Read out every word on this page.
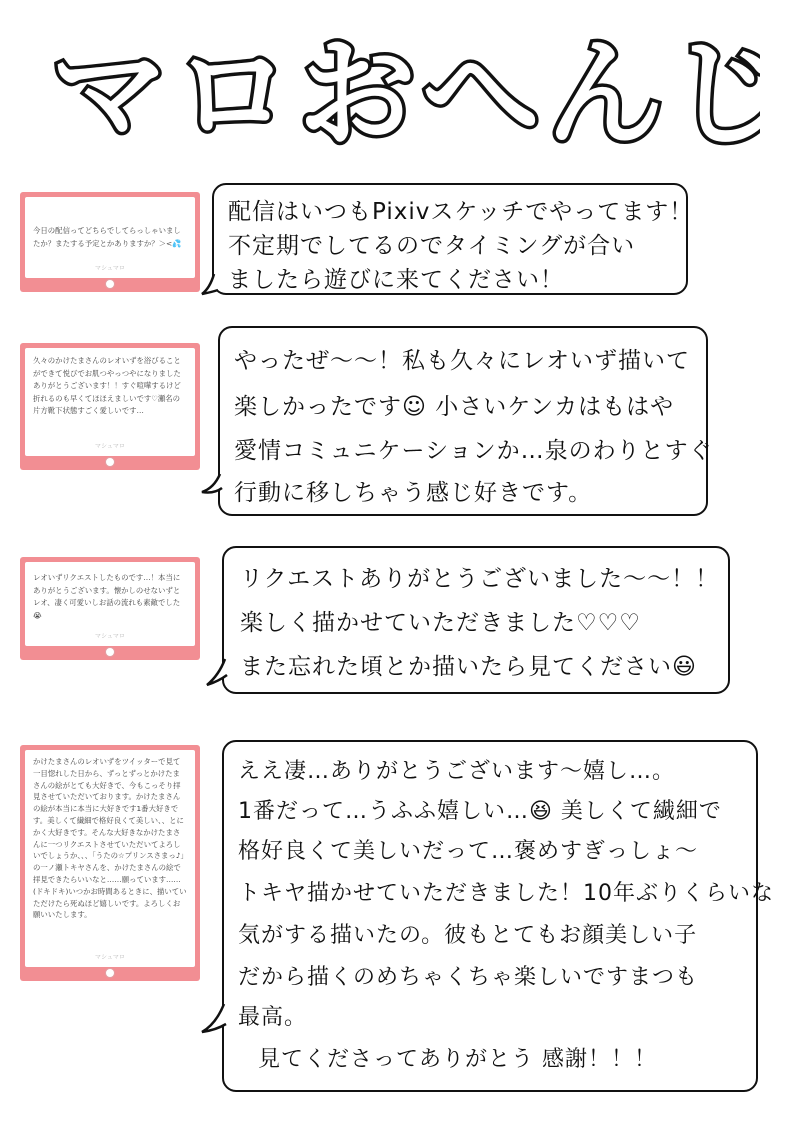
マロおへんじ
今日の配信ってどちらでしてらっしゃいましたか？またする予定とかありますか？＞<💦
マシュマロ
久々のかけたまさんのレオいずを浴びることができて悦びでお肌つやっつやになりましたありがとうございます！！すぐ喧嘩するけど折れるのも早くてほほえましいです♡瀬名の片方靴下状態すごく愛しいです…
マシュマロ
レオいずリクエストしたものです…！本当にありがとうございます。懐かしのせないずとレオ、凄く可愛いしお話の流れも素敵でした😭
マシュマロ
かけたまさんのレオいずをツイッターで見て一目惚れした日から、ずっとずっとかけたまさんの絵がとても大好きで、今もこっそり拝見させていただいております。かけたまさんの絵が本当に本当に大好きです1番大好きです。美しくて繊細で格好良くて美しい、、とにかく大好きです。そんな大好きなかけたまさんに一つリクエストさせていただいてよろしいでしょうか、、、「うたの☆プリンスさまっ♪」の一ノ瀬トキヤさんを、かけたまさんの絵で拝見できたらいいなと……願っています……(ドキドキ)いつかお時間あるときに、描いていただけたら死ぬほど嬉しいです。よろしくお願いいたします。
マシュマロ
配信はいつもPixivスケッチでやってます！
不定期でしてるのでタイミングが合い
ましたら遊びに来てください！
やったぜ〜〜！私も久々にレオいず描いて
楽しかったです☺ 小さいケンカはもはや
愛情コミュニケーションか…泉のわりとすぐ
行動に移しちゃう感じ好きです。
リクエストありがとうございました〜〜！！
楽しく描かせていただきました♡♡♡
また忘れた頃とか描いたら見てください😃
ええ凄…ありがとうございます〜嬉し…。
1番だって…うふふ嬉しい…😆 美しくて繊細で
格好良くて美しいだって…褒めすぎっしょ〜
トキヤ描かせていただきました！10年ぶりくらいな
気がする描いたの。彼もとてもお顔美しい子
だから描くのめちゃくちゃ楽しいですまつも
最高。
見てくださってありがとう 感謝！！！
